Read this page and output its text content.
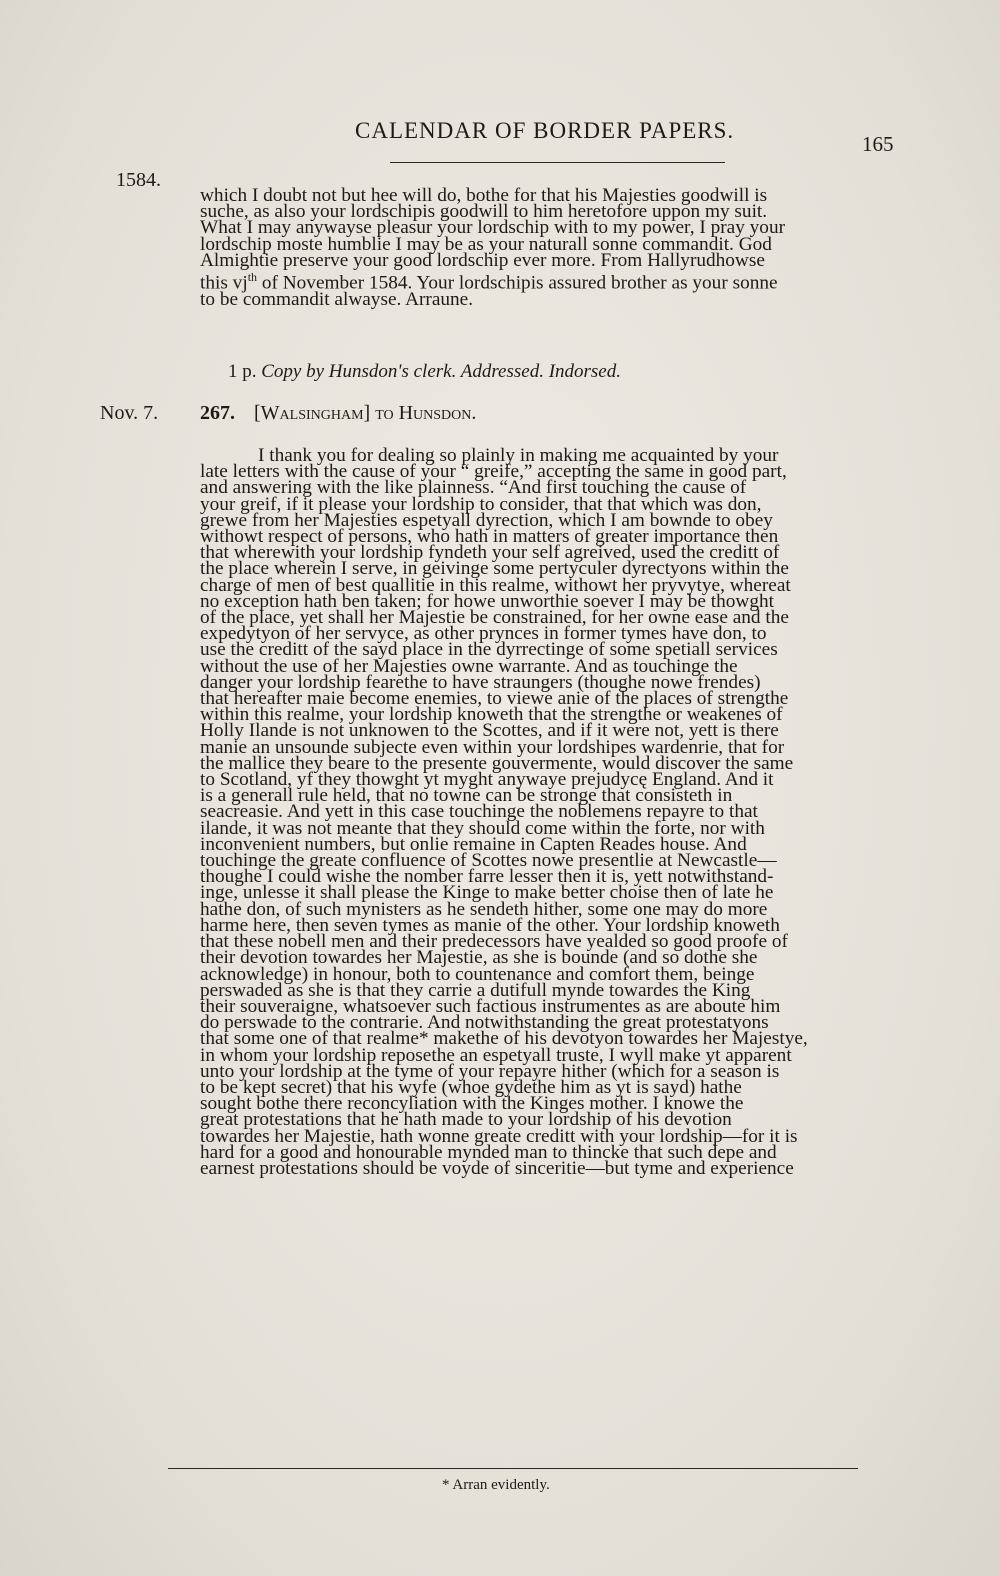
CALENDAR OF BORDER PAPERS.
165
1584.
which I doubt not but hee will do, bothe for that his Majesties goodwill is
suche, as also your lordschipis goodwill to him heretofore uppon my suit.
What I may anywayse pleasur your lordschip with to my power, I pray your
lordschip moste humblie I may be as your naturall sonne commandit. God
Almightie preserve your good lordschip ever more. From Hallyrudhowse
this $vj^{th}$ of November 1584. Your lordschipis assured brother as your sonne
to be commandit alwayse. Arraune.
1 p. Copy by Hunsdon's clerk. Addressed. Indorsed.
Nov. 7. 267. [Walsingham] to Hunsdon.
I thank you for dealing so plainly in making me acquainted by your
late letters with the cause of your “ greife,” accepting the same in good part,
and answering with the like plainness. “And first touching the cause of
your greif, if it please your lordship to consider, that that which was don,
grewe from her Majesties espetyall dyrection, which I am bownde to obey
withowt respect of persons, who hath in matters of greater importance then
that wherewith your lordship fyndeth your self agreived, used the creditt of
the place wherein I serve, in geivinge some pertyculer dyrectyons within the
charge of men of best quallitie in this realme, withowt her pryvytye, whereat
no exception hath ben taken; for howe unworthie soever I may be thowght
of the place, yet shall her Majestie be constrained, for her owne ease and the
expedytyon of her servyce, as other prynces in former tymes have don, to
use the creditt of the sayd place in the dyrrectinge of some spetiall services
without the use of her Majesties owne warrante. And as touchinge the
danger your lordship fearethe to have straungers (thoughe nowe frendes)
that hereafter maie become enemies, to viewe anie of the places of strengthe
within this realme, your lordship knoweth that the strengthe or weakenes of
Holly Ilande is not unknowen to the Scottes, and if it were not, yett is there
manie an unsounde subjecte even within your lordshipes wardenrie, that for
the mallice they beare to the presente gouvermente, would discover the same
to Scotland, yf they thowght yt myght anywaye prejudycę England. And it
is a generall rule held, that no towne can be stronge that consisteth in
seacreasie. And yett in this case touchinge the noblemens repayre to that
ilande, it was not meante that they should come within the forte, nor with
inconvenient numbers, but onlie remaine in Capten Reades house. And
touchinge the greate confluence of Scottes nowe presentlie at Newcastle—
thoughe I could wishe the nomber farre lesser then it is, yett notwithstand-
inge, unlesse it shall please the Kinge to make better choise then of late he
hathe don, of such mynisters as he sendeth hither, some one may do more
harme here, then seven tymes as manie of the other. Your lordship knoweth
that these nobell men and their predecessors have yealded so good proofe of
their devotion towardes her Majestie, as she is bounde (and so dothe she
acknowledge) in honour, both to countenance and comfort them, beinge
perswaded as she is that they carrie a dutifull mynde towardes the King
their souveraigne, whatsoever such factious instrumentes as are aboute him
do perswade to the contrarie. And notwithstanding the great protestatyons
that some one of that realme* makethe of his devotyon towardes her Majestye,
in whom your lordship reposethe an espetyall truste, I wyll make yt apparent
unto your lordship at the tyme of your repayre hither (which for a season is
to be kept secret) that his wyfe (whoe gydethe him as yt is sayd) hathe
sought bothe there reconcyliation with the Kinges mother. I knowe the
great protestations that he hath made to your lordship of his devotion
towardes her Majestie, hath wonne greate creditt with your lordship—for it is
hard for a good and honourable mynded man to thincke that such depe and
earnest protestations should be voyde of sinceritie—but tyme and experience
* Arran evidently.
